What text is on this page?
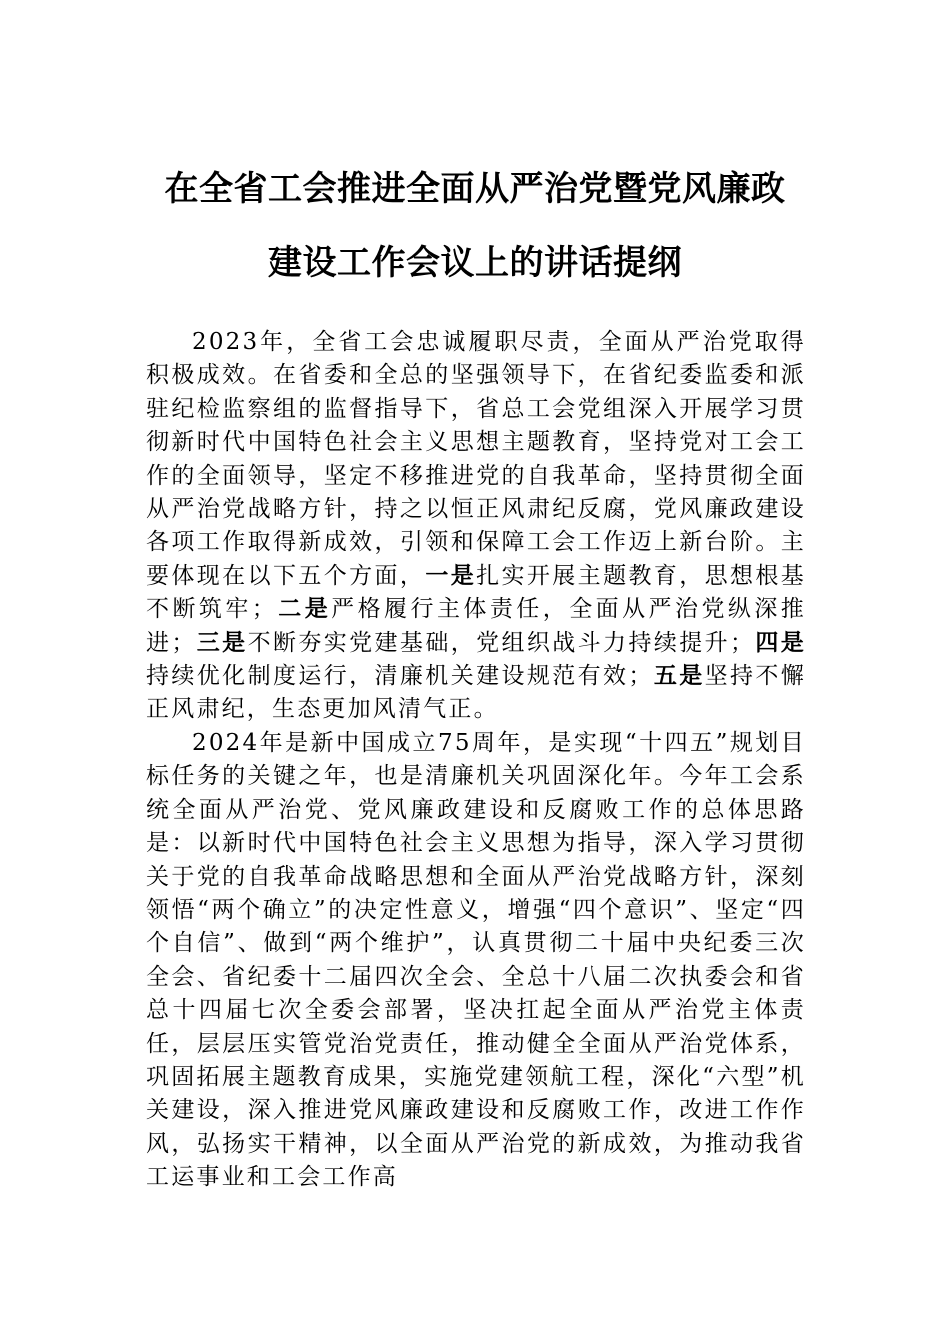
在全省工会推进全面从严治党暨党风廉政
建设工作会议上的讲话提纲

2023年，全省工会忠诚履职尽责，全面从严治党取得积极成效。在省委和全总的坚强领导下，在省纪委监委和派驻纪检监察组的监督指导下，省总工会党组深入开展学习贯彻新时代中国特色社会主义思想主题教育，坚持党对工会工作的全面领导，坚定不移推进党的自我革命，坚持贯彻全面从严治党战略方针，持之以恒正风肃纪反腐，党风廉政建设各项工作取得新成效，引领和保障工会工作迈上新台阶。主要体现在以下五个方面，一是扎实开展主题教育，思想根基不断筑牢；二是严格履行主体责任，全面从严治党纵深推进；三是不断夯实党建基础，党组织战斗力持续提升；四是持续优化制度运行，清廉机关建设规范有效；五是坚持不懈正风肃纪，生态更加风清气正。

2024年是新中国成立75周年，是实现“十四五”规划目标任务的关键之年，也是清廉机关巩固深化年。今年工会系统全面从严治党、党风廉政建设和反腐败工作的总体思路是：以新时代中国特色社会主义思想为指导，深入学习贯彻关于党的自我革命战略思想和全面从严治党战略方针，深刻领悟“两个确立”的决定性意义，增强“四个意识”、坚定“四个自信”、做到“两个维护”，认真贯彻二十届中央纪委三次全会、省纪委十二届四次全会、全总十八届二次执委会和省总十四届七次全委会部署，坚决扛起全面从严治党主体责任，层层压实管党治党责任，推动健全全面从严治党体系，巩固拓展主题教育成果，实施党建领航工程，深化“六型”机关建设，深入推进党风廉政建设和反腐败工作，改进工作作风，弘扬实干精神，以全面从严治党的新成效，为推动我省工运事业和工会工作高
